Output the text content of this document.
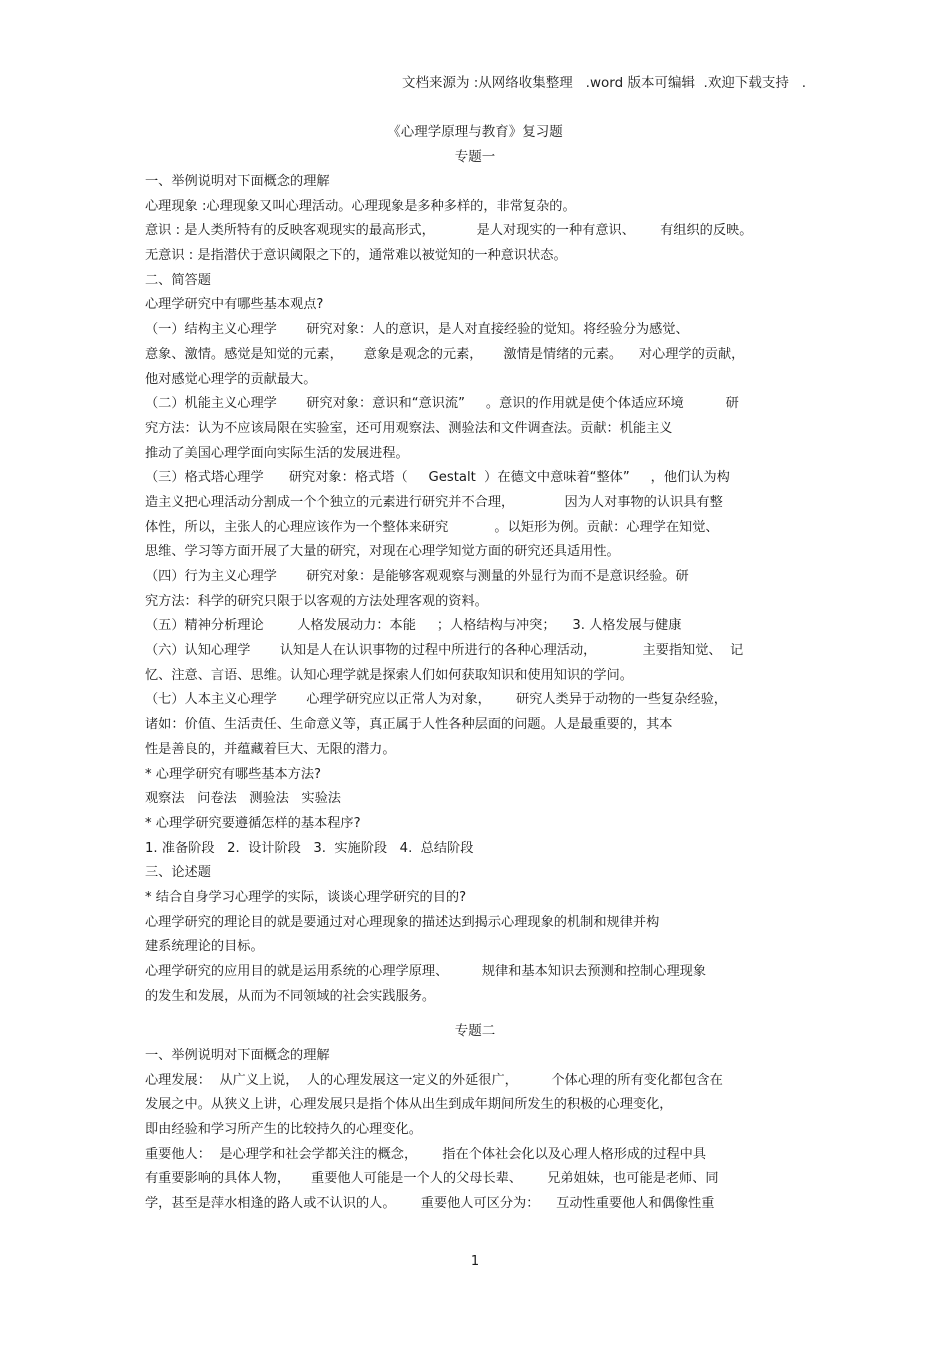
文档来源为 :从网络收集整理   .word 版本可编辑  .欢迎下载支持   .
《心理学原理与教育》复习题
专题一
一、举例说明对下面概念的理解
心理现象 :心理现象又叫心理活动。心理现象是多种多样的，非常复杂的。
意识 : 是人类所特有的反映客观现实的最高形式，          是人对现实的一种有意识、      有组织的反映。
无意识 : 是指潜伏于意识阈限之下的，通常难以被觉知的一种意识状态。
二、简答题
心理学研究中有哪些基本观点?
（一）结构主义心理学       研究对象：人的意识，是人对直接经验的觉知。将经验分为感觉、
意象、激情。感觉是知觉的元素，     意象是观念的元素，     激情是情绪的元素。    对心理学的贡献，
他对感觉心理学的贡献最大。
（二）机能主义心理学       研究对象：意识和“意识流”     。意识的作用就是使个体适应环境          研
究方法：认为不应该局限在实验室，还可用观察法、测验法和文件调查法。贡献：机能主义
推动了美国心理学面向实际生活的发展进程。
（三）格式塔心理学      研究对象：格式塔（     Gestalt  ）在德文中意味着“整体”     ，他们认为构
造主义把心理活动分割成一个个独立的元素进行研究并不合理，            因为人对事物的认识具有整
体性，所以，主张人的心理应该作为一个整体来研究           。以矩形为例。贡献：心理学在知觉、
思维、学习等方面开展了大量的研究，对现在心理学知觉方面的研究还具适用性。
（四）行为主义心理学       研究对象：是能够客观观察与测量的外显行为而不是意识经验。研
究方法：科学的研究只限于以客观的方法处理客观的资料。
（五）精神分析理论        人格发展动力：本能     ；人格结构与冲突；    3. 人格发展与健康
（六）认知心理学       认知是人在认识事物的过程中所进行的各种心理活动，           主要指知觉、  记
忆、注意、言语、思维。认知心理学就是探索人们如何获取知识和使用知识的学问。
（七）人本主义心理学       心理学研究应以正常人为对象，      研究人类异于动物的一些复杂经验，
诸如：价值、生活责任、生命意义等，真正属于人性各种层面的问题。人是最重要的，其本
性是善良的，并蕴藏着巨大、无限的潜力。
* 心理学研究有哪些基本方法?
观察法   问卷法   测验法   实验法
* 心理学研究要遵循怎样的基本程序?
1. 准备阶段   2.  设计阶段   3.  实施阶段   4.  总结阶段
三、论述题
* 结合自身学习心理学的实际，谈谈心理学研究的目的?
心理学研究的理论目的就是要通过对心理现象的描述达到揭示心理现象的机制和规律并构
建系统理论的目标。
心理学研究的应用目的就是运用系统的心理学原理、        规律和基本知识去预测和控制心理现象
的发生和发展，从而为不同领域的社会实践服务。
专题二
一、举例说明对下面概念的理解
心理发展：  从广义上说，  人的心理发展这一定义的外延很广，        个体心理的所有变化都包含在
发展之中。从狭义上讲，心理发展只是指个体从出生到成年期间所发生的积极的心理变化，
即由经验和学习所产生的比较持久的心理变化。
重要他人：  是心理学和社会学都关注的概念，      指在个体社会化以及心理人格形成的过程中具
有重要影响的具体人物，     重要他人可能是一个人的父母长辈、      兄弟姐妹，也可能是老师、同
学，甚至是萍水相逢的路人或不认识的人。      重要他人可区分为：    互动性重要他人和偶像性重
1
